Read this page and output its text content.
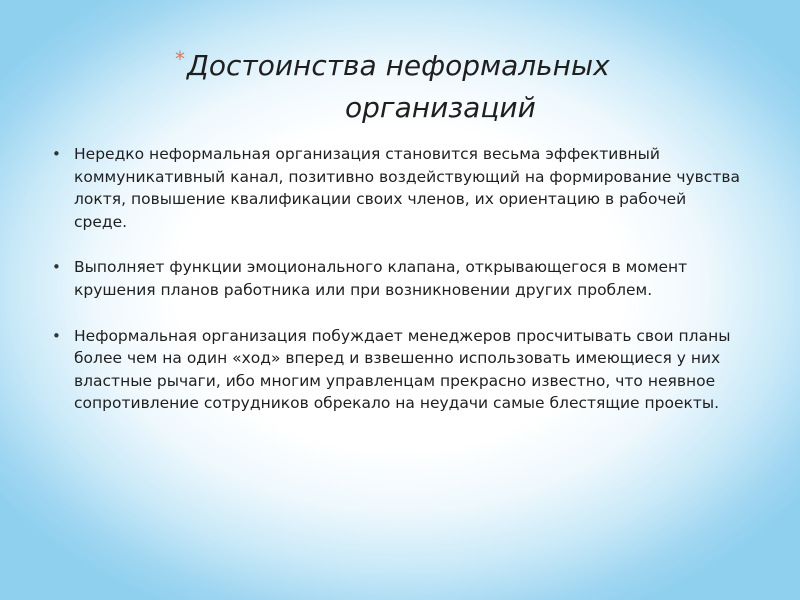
*Достоинства неформальных
организаций
• Нередко неформальная организация становится весьма эффективный коммуникативный канал, позитивно воздействующий на формирование чувства локтя, повышение квалификации своих членов, их ориентацию в рабочей среде.
• Выполняет функции эмоционального клапана, открывающегося в момент крушения планов работника или при возникновении других проблем.
• Неформальная организация побуждает менеджеров просчитывать свои планы более чем на один «ход» вперед и взвешенно использовать имеющиеся у них властные рычаги, ибо многим управленцам прекрасно известно, что неявное сопротивление сотрудников обрекало на неудачи самые блестящие проекты.
